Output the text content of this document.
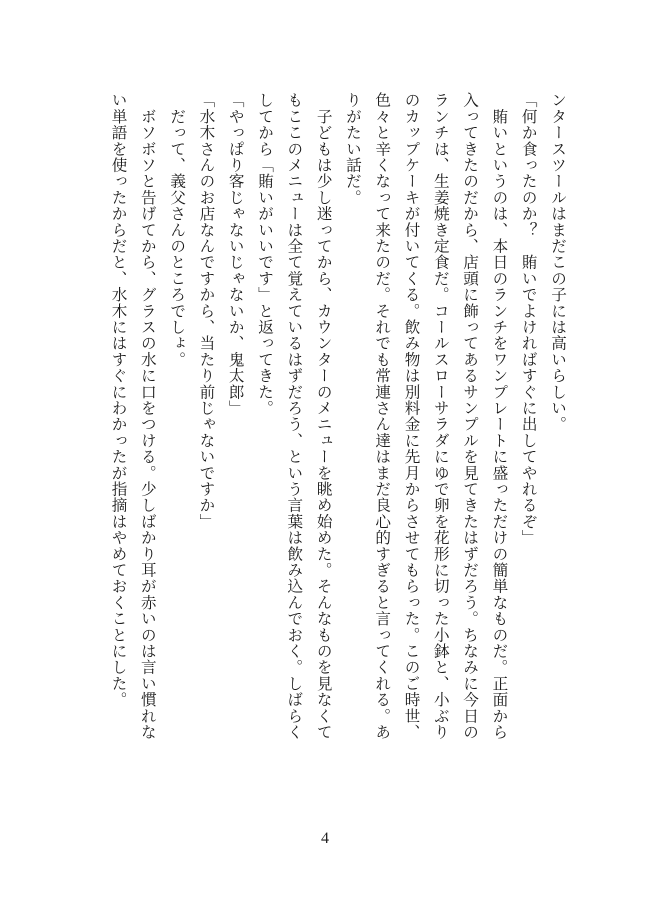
ンタースツールはまだこの子には高いらしい。
「何か食ったのか？　賄いでよければすぐに出してやれるぞ」
　賄いというのは、本日のランチをワンプレートに盛っただけの簡単なものだ。正面から
入ってきたのだから、店頭に飾ってあるサンプルを見てきたはずだろう。ちなみに今日の
ランチは、生姜焼き定食だ。コールスローサラダにゆで卵を花形に切った小鉢と、小ぶり
のカップケーキが付いてくる。飲み物は別料金に先月からさせてもらった。このご時世、
色々と辛くなって来たのだ。それでも常連さん達はまだ良心的すぎると言ってくれる。あ
りがたい話だ。
　子どもは少し迷ってから、カウンターのメニューを眺め始めた。そんなものを見なくて
もここのメニューは全て覚えているはずだろう、という言葉は飲み込んでおく。しばらく
してから「賄いがいいです」と返ってきた。
「やっぱり客じゃないじゃないか、鬼太郎」
「水木さんのお店なんですから、当たり前じゃないですか」
　だって、義父さんのところでしょ。
　ボソボソと告げてから、グラスの水に口をつける。少しばかり耳が赤いのは言い慣れな
い単語を使ったからだと、水木にはすぐにわかったが指摘はやめておくことにした。
4
